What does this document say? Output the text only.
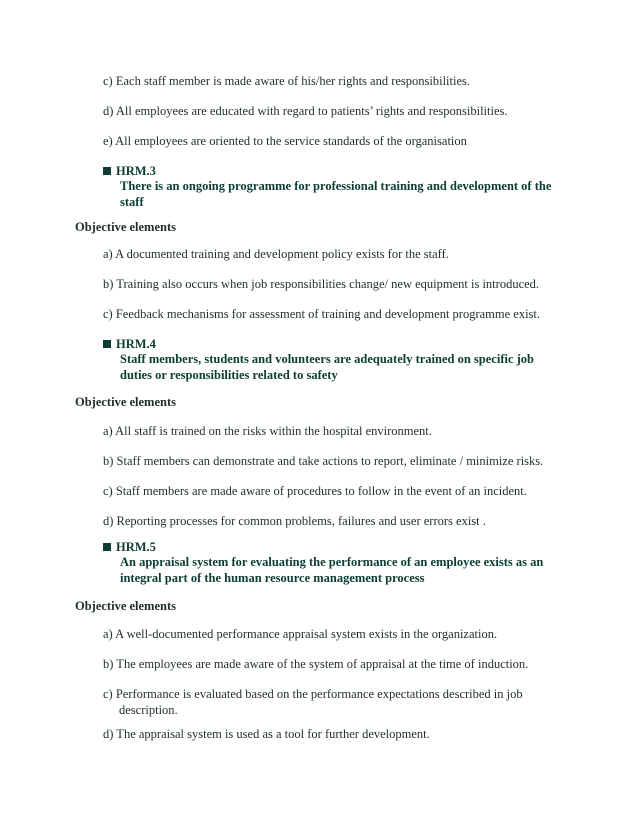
c) Each staff member is made aware of his/her rights and responsibilities.
d) All employees are educated with regard to patients’ rights and responsibilities.
e) All employees are oriented to the service standards of the organisation
HRM.3
There is an ongoing programme for professional training and development of the
staff
Objective elements
a) A documented training and development policy exists for the staff.
b) Training also occurs when job responsibilities change/ new equipment is introduced.
c) Feedback mechanisms for assessment of training and development programme exist.
HRM.4
Staff members, students and volunteers are adequately trained on specific job
duties or responsibilities related to safety
Objective elements
a) All staff is trained on the risks within the hospital environment.
b) Staff members can demonstrate and take actions to report, eliminate / minimize risks.
c) Staff members are made aware of procedures to follow in the event of an incident.
d) Reporting processes for common problems, failures and user errors exist .
HRM.5
An appraisal system for evaluating the performance of an employee exists as an
integral part of the human resource management process
Objective elements
a) A well-documented performance appraisal system exists in the organization.
b) The employees are made aware of the system of appraisal at the time of induction.
c) Performance is evaluated based on the performance expectations described in job
description.
d) The appraisal system is used as a tool for further development.
